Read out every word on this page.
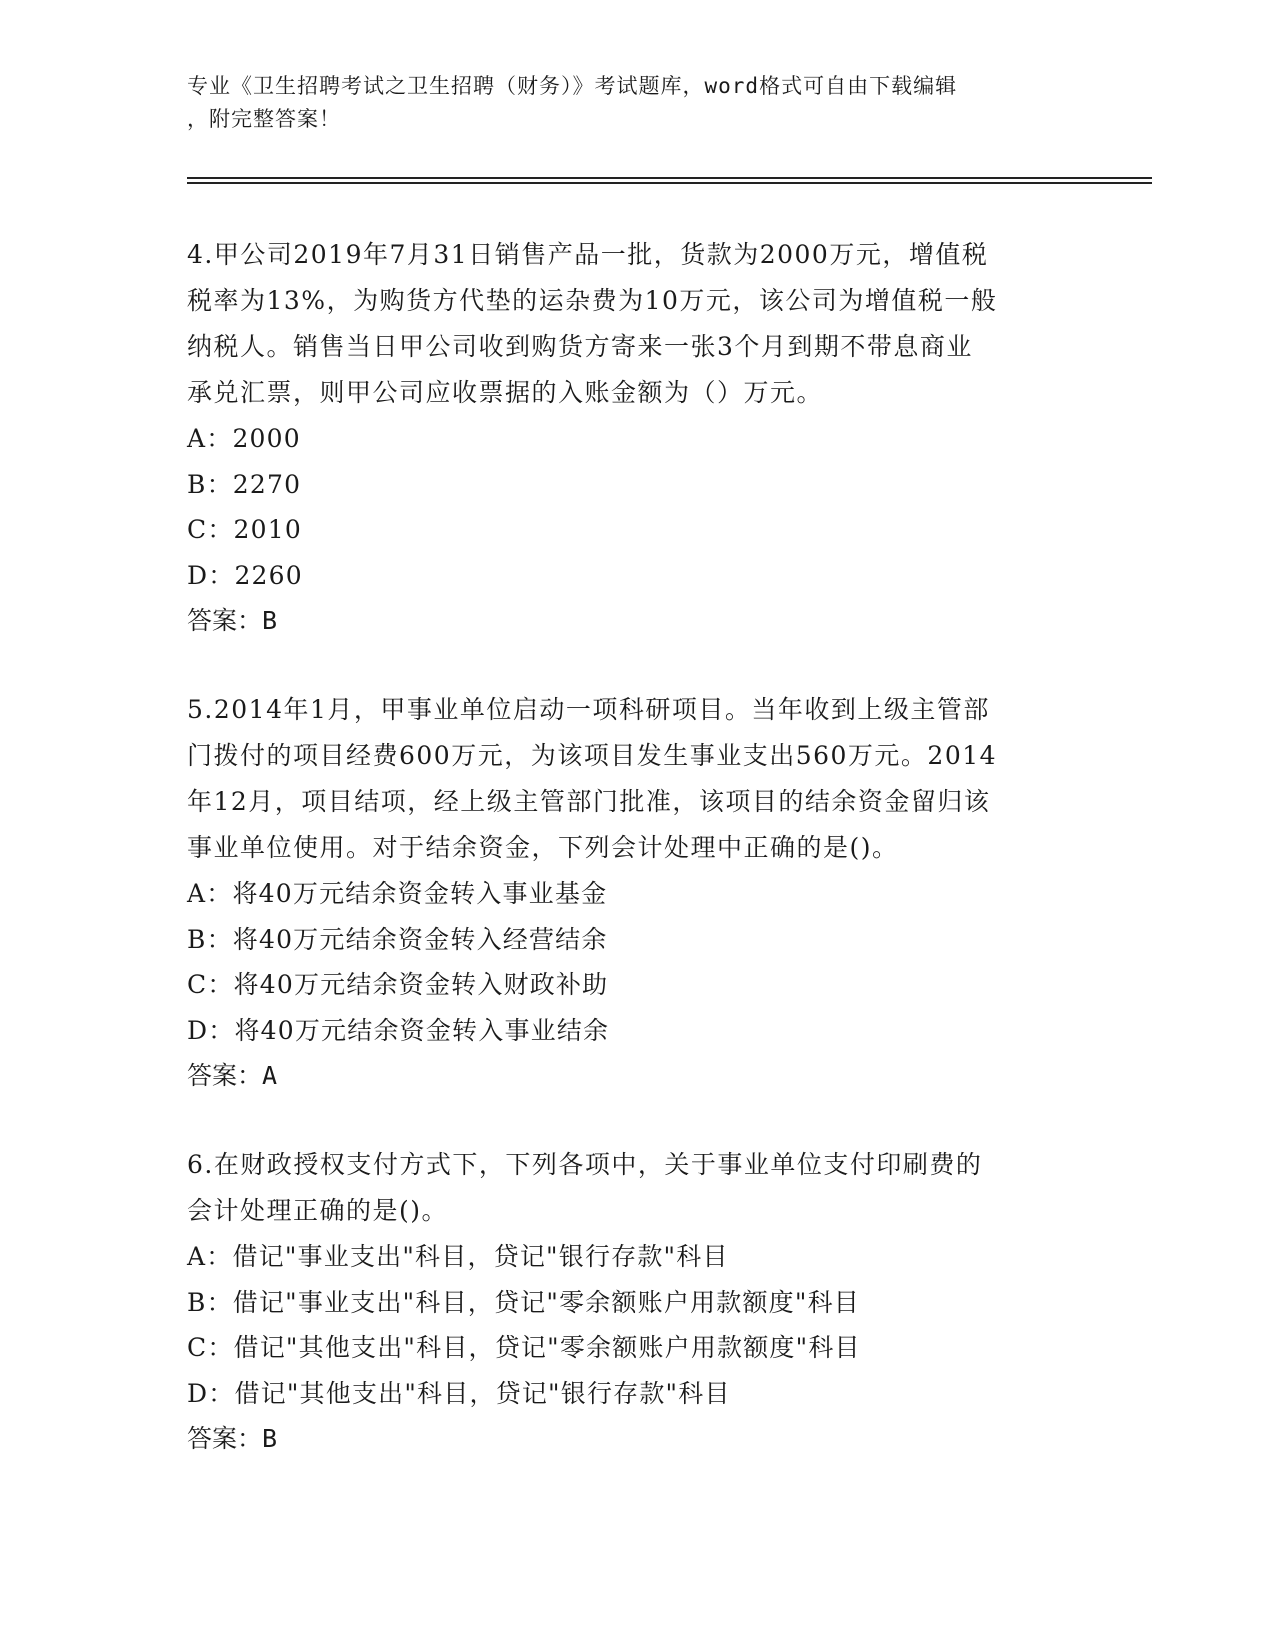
专业《卫生招聘考试之卫生招聘（财务）》考试题库，word格式可自由下载编辑
，附完整答案！
4.甲公司2019年7月31日销售产品一批，货款为2000万元，增值税
税率为13%，为购货方代垫的运杂费为10万元，该公司为增值税一般
纳税人。销售当日甲公司收到购货方寄来一张3个月到期不带息商业
承兑汇票，则甲公司应收票据的入账金额为（）万元。
A：2000
B：2270
C：2010
D：2260
答案：B
5.2014年1月，甲事业单位启动一项科研项目。当年收到上级主管部
门拨付的项目经费600万元，为该项目发生事业支出560万元。2014
年12月，项目结项，经上级主管部门批准，该项目的结余资金留归该
事业单位使用。对于结余资金，下列会计处理中正确的是()。
A：将40万元结余资金转入事业基金
B：将40万元结余资金转入经营结余
C：将40万元结余资金转入财政补助
D：将40万元结余资金转入事业结余
答案：A
6.在财政授权支付方式下，下列各项中，关于事业单位支付印刷费的
会计处理正确的是()。
A：借记"事业支出"科目，贷记"银行存款"科目
B：借记"事业支出"科目，贷记"零余额账户用款额度"科目
C：借记"其他支出"科目，贷记"零余额账户用款额度"科目
D：借记"其他支出"科目，贷记"银行存款"科目
答案：B
